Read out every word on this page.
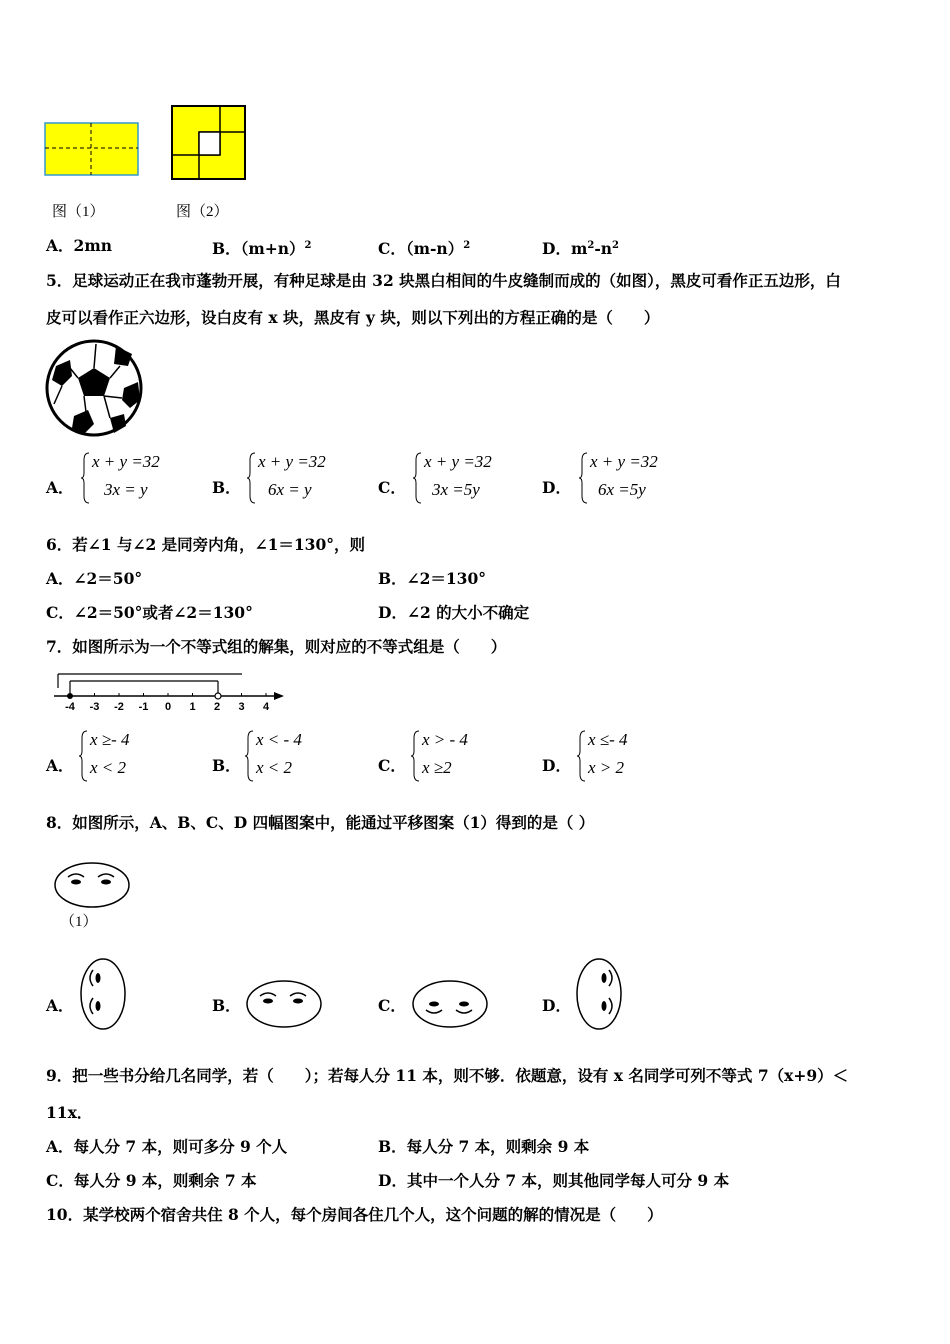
图（1）	图（2）
A．2mn	B．$(m+n)^2$	C．$(m-n)^2$	D．$m^2-n^2$
5．足球运动正在我市蓬勃开展，有种足球是由 32 块黑白相间的牛皮缝制而成的（如图），黑皮可看作正五边形，白
皮可以看作正六边形，设白皮有 x 块，黑皮有 y 块，则以下列出的方程正确的是（　　）
A．
x + y =32
3x = y	B．
x + y =32
6x = y	C．
x + y =32
3x =5y	D．
x + y =32
6x =5y
6．若∠1 与∠2 是同旁内角，∠1＝130°，则
A．∠2＝50°	B．∠2＝130°
C．∠2＝50°或者∠2＝130°	D．∠2 的大小不确定
7．如图所示为一个不等式组的解集，则对应的不等式组是（　　）
-4 -3 -2 -1 0 1 2 3 4
A．
x ≥- 4
x < 2	B．
x < - 4
x < 2	C．
x > - 4
x ≥2	D．
x ≤- 4
x > 2
8．如图所示，A、B、C、D 四幅图案中，能通过平移图案（1）得到的是（ ）
（1）
A．	B．	C．	D．
9．把一些书分给几名同学，若（　　）；若每人分 11 本，则不够．依题意，设有 x 名同学可列不等式 7（x+9）＜
11x．
A．每人分 7 本，则可多分 9 个人	B．每人分 7 本，则剩余 9 本
C．每人分 9 本，则剩余 7 本	D．其中一个人分 7 本，则其他同学每人可分 9 本
10．某学校两个宿舍共住 8 个人，每个房间各住几个人，这个问题的解的情况是（　　）
